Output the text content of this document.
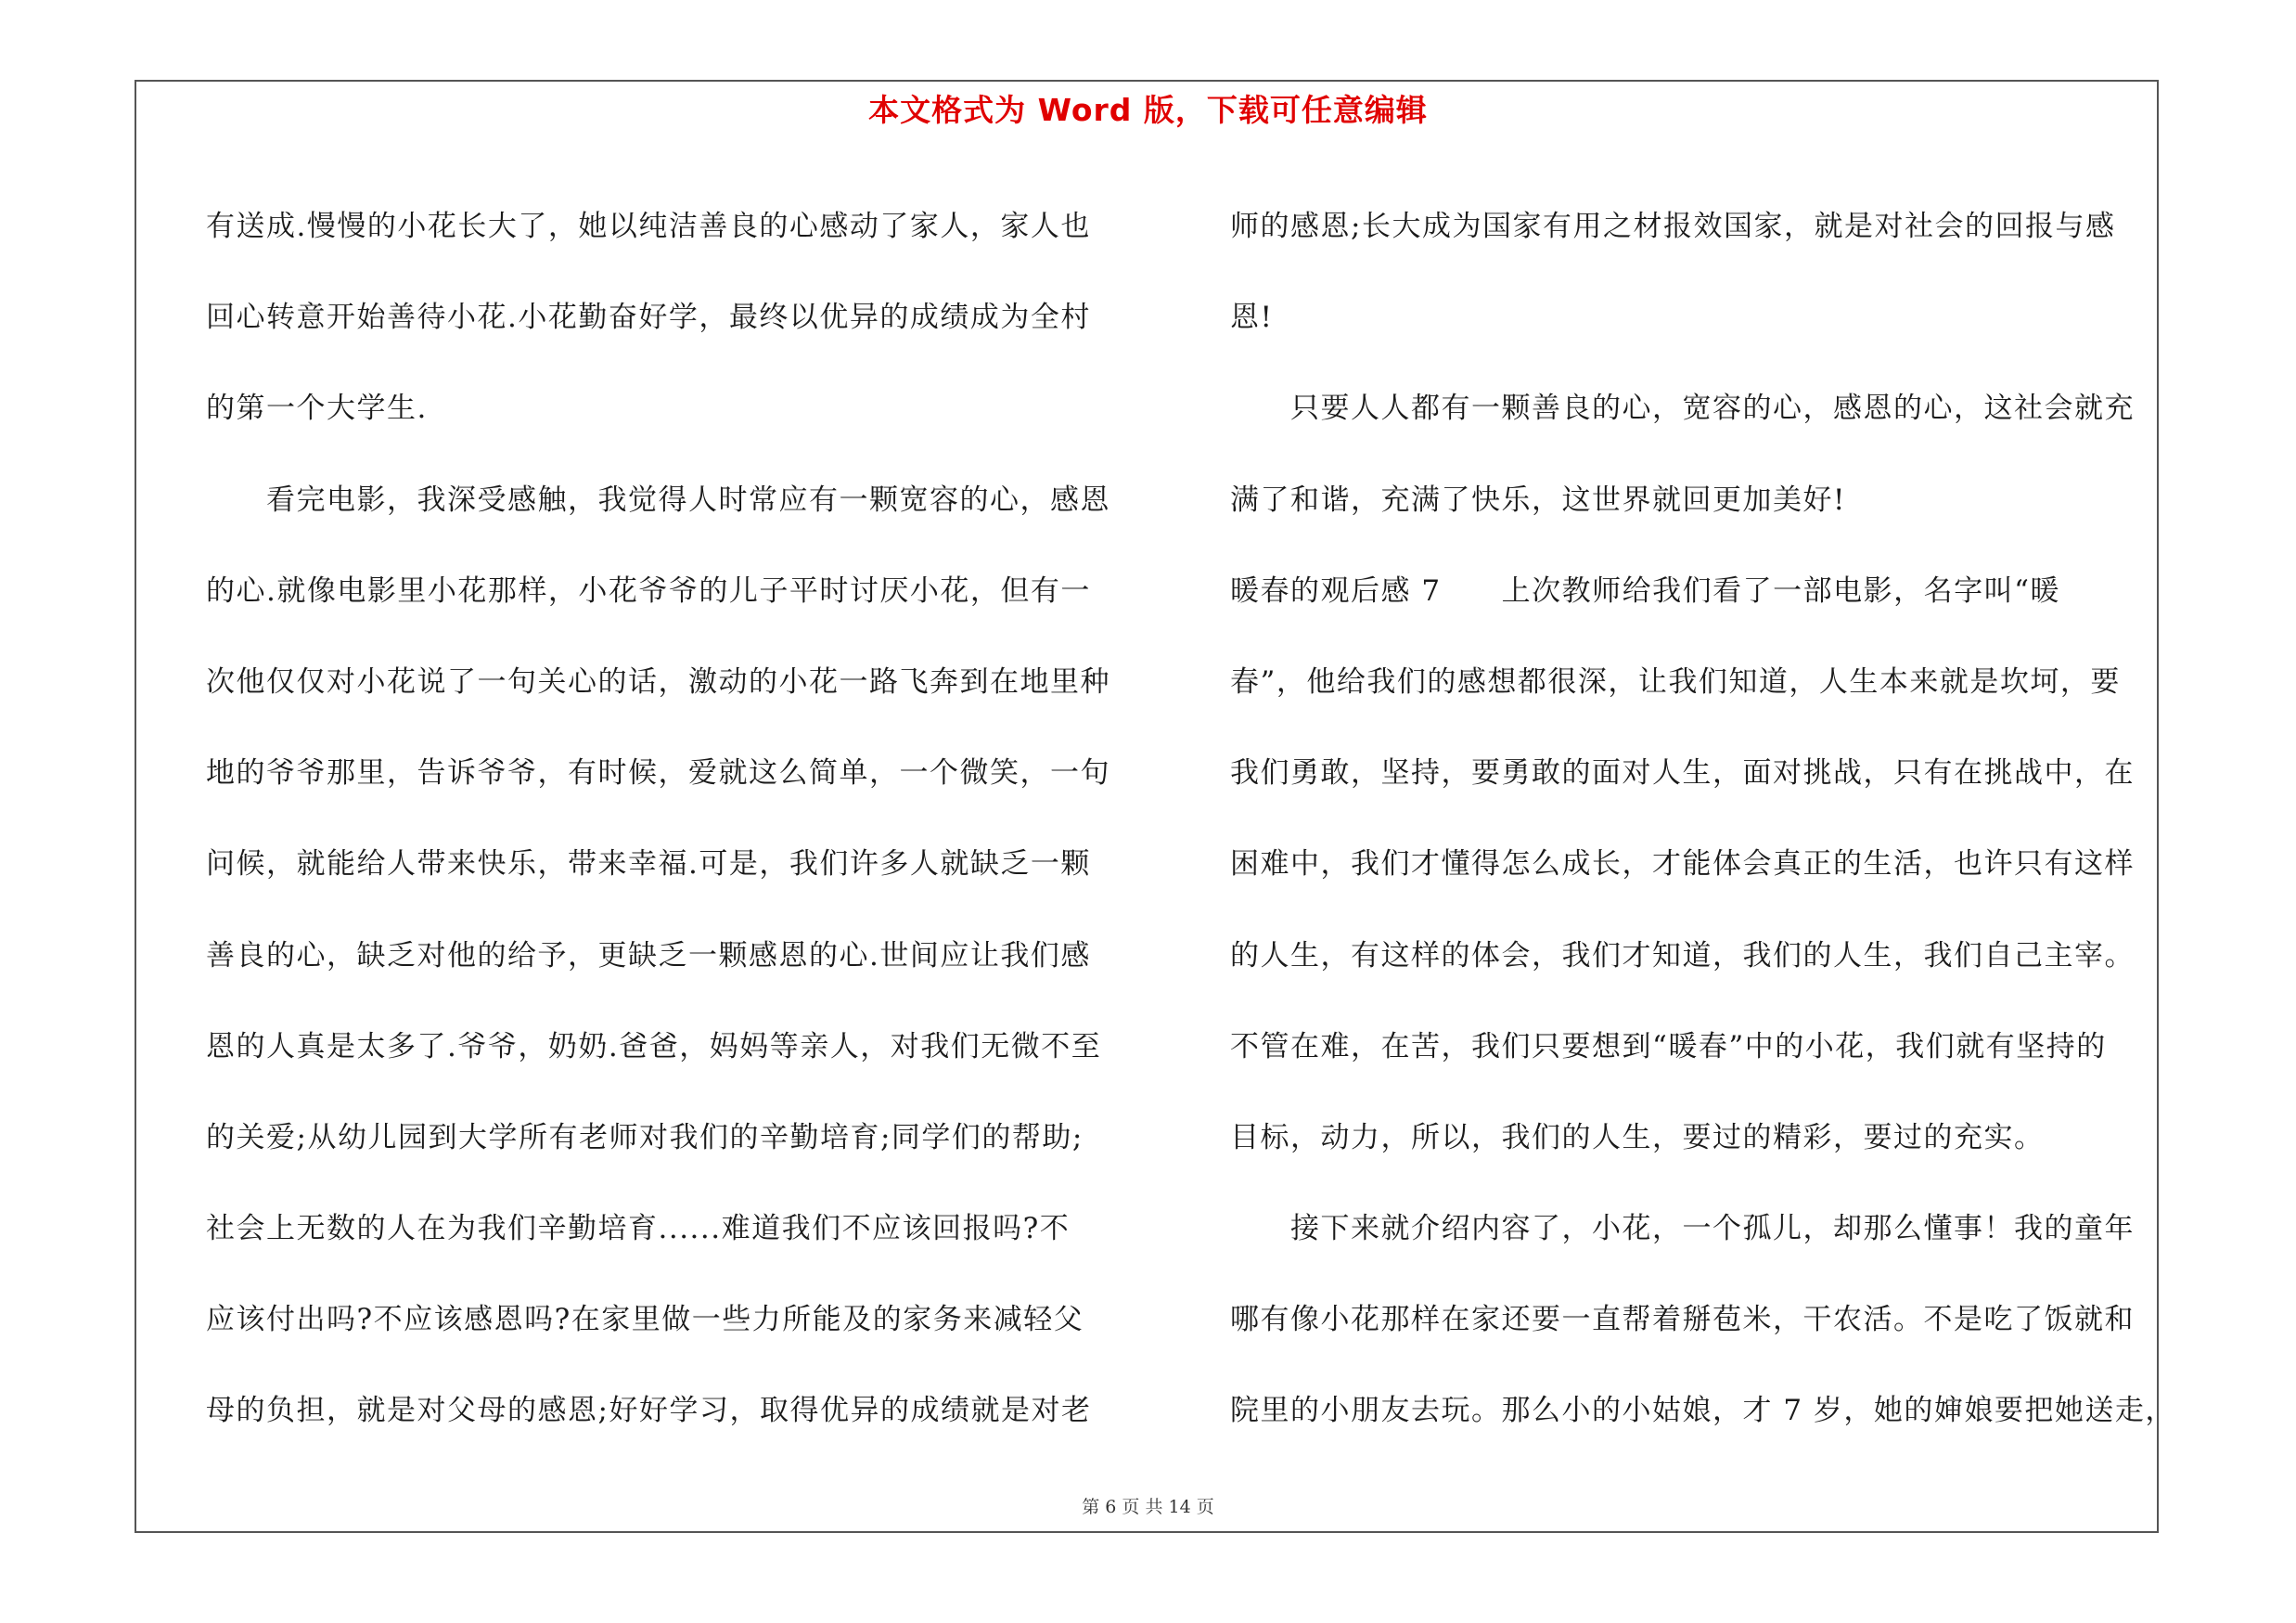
本文格式为 Word 版，下载可任意编辑
有送成.慢慢的小花长大了，她以纯洁善良的心感动了家人，家人也
回心转意开始善待小花.小花勤奋好学，最终以优异的成绩成为全村
的第一个大学生.
　　看完电影，我深受感触，我觉得人时常应有一颗宽容的心，感恩
的心.就像电影里小花那样，小花爷爷的儿子平时讨厌小花，但有一
次他仅仅对小花说了一句关心的话，激动的小花一路飞奔到在地里种
地的爷爷那里，告诉爷爷，有时候，爱就这么简单，一个微笑，一句
问候，就能给人带来快乐，带来幸福.可是，我们许多人就缺乏一颗
善良的心，缺乏对他的给予，更缺乏一颗感恩的心.世间应让我们感
恩的人真是太多了.爷爷，奶奶.爸爸，妈妈等亲人，对我们无微不至
的关爱;从幼儿园到大学所有老师对我们的辛勤培育;同学们的帮助;
社会上无数的人在为我们辛勤培育......难道我们不应该回报吗?不
应该付出吗?不应该感恩吗?在家里做一些力所能及的家务来减轻父
母的负担，就是对父母的感恩;好好学习，取得优异的成绩就是对老
师的感恩;长大成为国家有用之材报效国家，就是对社会的回报与感
恩!
　　只要人人都有一颗善良的心，宽容的心，感恩的心，这社会就充
满了和谐，充满了快乐，这世界就回更加美好!
暖春的观后感 7　　上次教师给我们看了一部电影，名字叫“暖
春”，他给我们的感想都很深，让我们知道，人生本来就是坎坷，要
我们勇敢，坚持，要勇敢的面对人生，面对挑战，只有在挑战中，在
困难中，我们才懂得怎么成长，才能体会真正的生活，也许只有这样
的人生，有这样的体会，我们才知道，我们的人生，我们自己主宰。
不管在难，在苦，我们只要想到“暖春”中的小花，我们就有坚持的
目标，动力，所以，我们的人生，要过的精彩，要过的充实。
　　接下来就介绍内容了，小花，一个孤儿，却那么懂事！我的童年
哪有像小花那样在家还要一直帮着掰苞米，干农活。不是吃了饭就和
院里的小朋友去玩。那么小的小姑娘，才 7 岁，她的婶娘要把她送走，
第 6 页 共 14 页
